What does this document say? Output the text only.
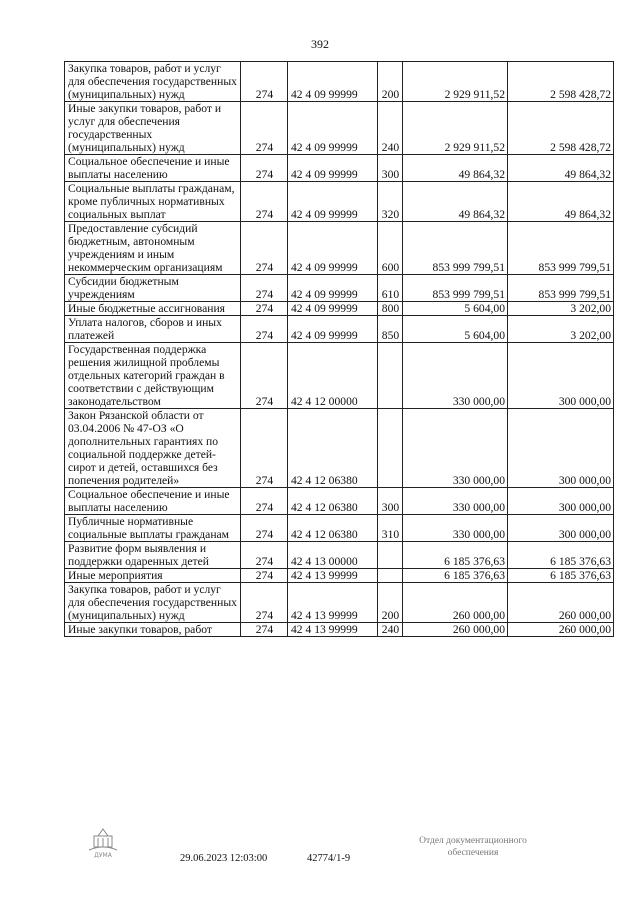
392
Закупка товаров, работ и услуг для обеспечения государственных (муниципальных) нужд	274	42 4 09 99999	200	2 929 911,52	2 598 428,72
Иные закупки товаров, работ и услуг для обеспечения государственных (муниципальных) нужд	274	42 4 09 99999	240	2 929 911,52	2 598 428,72
Социальное обеспечение и иные выплаты населению	274	42 4 09 99999	300	49 864,32	49 864,32
Социальные выплаты гражданам, кроме публичных нормативных социальных выплат	274	42 4 09 99999	320	49 864,32	49 864,32
Предоставление субсидий бюджетным, автономным учреждениям и иным некоммерческим организациям	274	42 4 09 99999	600	853 999 799,51	853 999 799,51
Субсидии бюджетным учреждениям	274	42 4 09 99999	610	853 999 799,51	853 999 799,51
Иные бюджетные ассигнования	274	42 4 09 99999	800	5 604,00	3 202,00
Уплата налогов, сборов и иных платежей	274	42 4 09 99999	850	5 604,00	3 202,00
Государственная поддержка решения жилищной проблемы отдельных категорий граждан в соответствии с действующим законодательством	274	42 4 12 00000		330 000,00	300 000,00
Закон Рязанской области от 03.04.2006 № 47-ОЗ «О дополнительных гарантиях по социальной поддержке детей-сирот и детей, оставшихся без попечения родителей»	274	42 4 12 06380		330 000,00	300 000,00
Социальное обеспечение и иные выплаты населению	274	42 4 12 06380	300	330 000,00	300 000,00
Публичные нормативные социальные выплаты гражданам	274	42 4 12 06380	310	330 000,00	300 000,00
Развитие форм выявления и поддержки одаренных детей	274	42 4 13 00000		6 185 376,63	6 185 376,63
Иные мероприятия	274	42 4 13 99999		6 185 376,63	6 185 376,63
Закупка товаров, работ и услуг для обеспечения государственных (муниципальных) нужд	274	42 4 13 99999	200	260 000,00	260 000,00
Иные закупки товаров, работ	274	42 4 13 99999	240	260 000,00	260 000,00
ДУМА	29.06.2023 12:03:00	42774/1-9
Отдел документационного обеспечения
